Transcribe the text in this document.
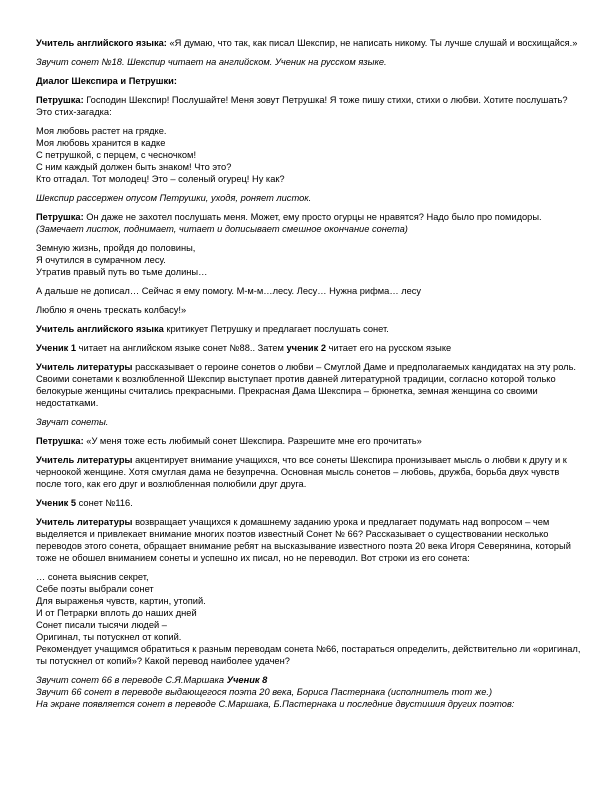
Учитель английского языка: «Я думаю, что так, как писал Шекспир, не написать никому. Ты лучше слушай и восхищайся.»

Звучит сонет №18. Шекспир читает на английском. Ученик на русском языке.

Диалог Шекспира и Петрушки:

Петрушка: Господин Шекспир! Послушайте! Меня зовут Петрушка! Я тоже пишу стихи, стихи о любви. Хотите послушать? Это стих-загадка:

Моя любовь растет на грядке.
Моя любовь хранится в кадке
С петрушкой, с перцем, с чесночком!
С ним каждый должен быть знаком! Что это?
Кто отгадал. Тот молодец! Это – соленый огурец! Ну как?

Шекспир рассержен опусом Петрушки, уходя, роняет листок.

Петрушка: Он даже не захотел послушать меня. Может, ему просто огурцы не нравятся? Надо было про помидоры. (Замечает листок, поднимает, читает и дописывает смешное окончание сонета)

Земную жизнь, пройдя до половины,
Я очутился в сумрачном лесу.
Утратив правый путь во тьме долины…

А дальше не дописал… Сейчас я ему помогу. М-м-м…лесу. Лесу… Нужна рифма… лесу

Люблю я очень трескать колбасу!»

Учитель английского языка критикует Петрушку и предлагает послушать сонет.

Ученик 1 читает на английском языке сонет №88.. Затем ученик 2 читает его на русском языке

Учитель литературы рассказывает о героине сонетов о любви – Смуглой Даме и предполагаемых кандидатах на эту роль. Своими сонетами к возлюбленной Шекспир выступает против давней литературной традиции, согласно которой только белокурые женщины считались прекрасными. Прекрасная Дама Шекспира – брюнетка, земная женщина со своими недостатками.

Звучат сонеты.

Петрушка: «У меня тоже есть любимый сонет Шекспира. Разрешите мне его прочитать»

Учитель литературы акцентирует внимание учащихся, что все сонеты Шекспира пронизывает мысль о любви к другу и к черноокой женщине. Хотя смуглая дама не безупречна. Основная мысль сонетов – любовь, дружба, борьба двух чувств после того, как его друг и возлюбленная полюбили друг друга.

Ученик 5 сонет №116.

Учитель литературы возвращает учащихся к домашнему заданию урока и предлагает подумать над вопросом – чем выделяется и привлекает внимание многих поэтов известный Сонет № 66? Рассказывает о существовании несколько переводов этого сонета, обращает внимание ребят на высказывание известного поэта 20 века Игоря Северянина, который тоже не обошел вниманием сонеты и успешно их писал, но не переводил. Вот строки из его сонета:

… сонета выяснив секрет,
Себе поэты выбрали сонет
Для выраженья чувств, картин, утопий.
И от Петрарки вплоть до наших дней
Сонет писали тысячи людей –
Оригинал, ты потускнел от копий.

Рекомендует учащимся обратиться к разным переводам сонета №66, постараться определить, действительно ли «оригинал, ты потускнел от копий»? Какой перевод наиболее удачен?

Звучит сонет 66 в переводе С.Я.Маршака Ученик 8

Звучит 66 сонет в переводе выдающегося поэта 20 века, Бориса Пастернака (исполнитель тот же.)

На экране появляется сонет в переводе С.Маршака, Б.Пастернака и последние двустишия других поэтов:
